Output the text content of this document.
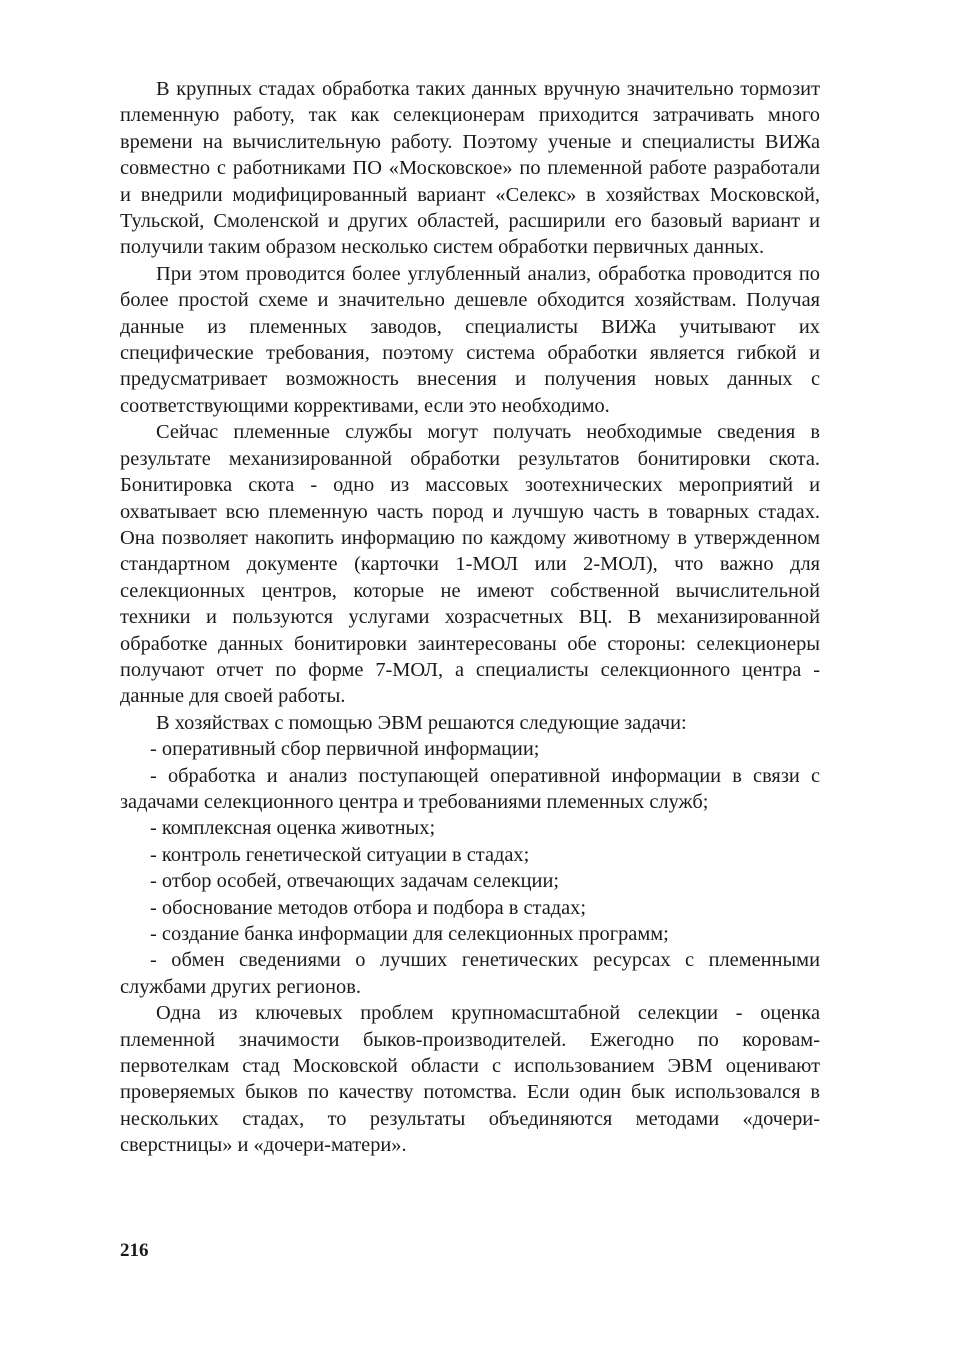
В крупных стадах обработка таких данных вручную значительно тормозит племенную работу, так как селекционерам приходится затрачивать много времени на вычислительную работу. Поэтому ученые и специалисты ВИЖа совместно с работниками ПО «Московское» по племенной работе разработали и внедрили модифицированный вариант «Селекс» в хозяйствах Московской, Тульской, Смоленской и других областей, расширили его базовый вариант и получили таким образом несколько систем обработки первичных данных.

При этом проводится более углубленный анализ, обработка проводится по более простой схеме и значительно дешевле обходится хозяйствам. Получая данные из племенных заводов, специалисты ВИЖа учитывают их специфические требования, поэтому система обработки является гибкой и предусматривает возможность внесения и получения новых данных с соответствующими коррективами, если это необходимо.

Сейчас племенные службы могут получать необходимые сведения в результате механизированной обработки результатов бонитировки скота. Бонитировка скота - одно из массовых зоотехнических мероприятий и охватывает всю племенную часть пород и лучшую часть в товарных стадах. Она позволяет накопить информацию по каждому животному в утвержденном стандартном документе (карточки 1-МОЛ или 2-МОЛ), что важно для селекционных центров, которые не имеют собственной вычислительной техники и пользуются услугами хозрасчетных ВЦ. В механизированной обработке данных бонитировки заинтересованы обе стороны: селекционеры получают отчет по форме 7-МОЛ, а специалисты селекционного центра - данные для своей работы.

В хозяйствах с помощью ЭВМ решаются следующие задачи:

- оперативный сбор первичной информации;

- обработка и анализ поступающей оперативной информации в связи с задачами селекционного центра и требованиями племенных служб;

- комплексная оценка животных;

- контроль генетической ситуации в стадах;

- отбор особей, отвечающих задачам селекции;

- обоснование методов отбора и подбора в стадах;

- создание банка информации для селекционных программ;

- обмен сведениями о лучших генетических ресурсах с племенными службами других регионов.

Одна из ключевых проблем крупномасштабной селекции - оценка племенной значимости быков-производителей. Ежегодно по коровам-первотелкам стад Московской области с использованием ЭВМ оценивают проверяемых быков по качеству потомства. Если один бык использовался в нескольких стадах, то результаты объединяются методами «дочери-сверстницы» и «дочери-матери».

216
